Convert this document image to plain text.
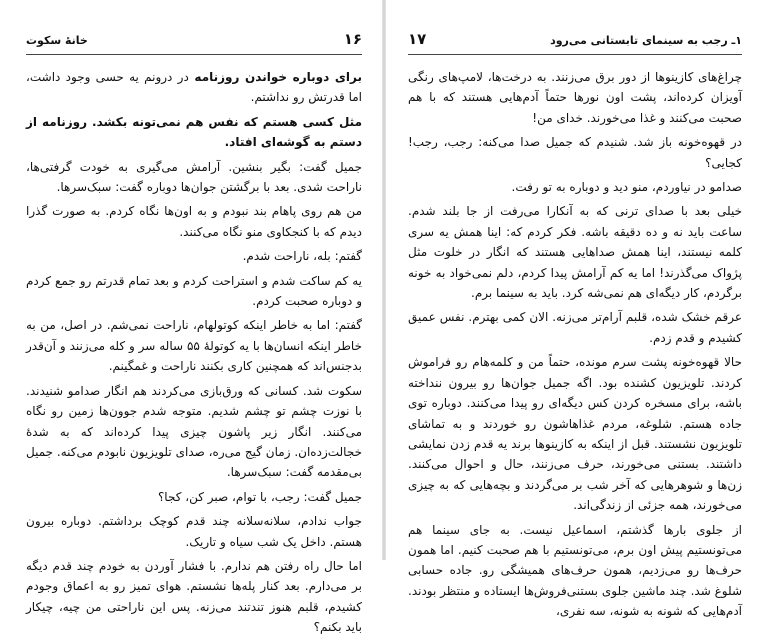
خانهٔ سکوت	۱۶

برای دوباره خواندن روزنامه در درونم یه حسی وجود داشت، اما قدرتش رو نداشتم.

مثل کسی هستم که نفس هم نمی‌تونه بکشد. روزنامه از دستم به گوشه‌ای افتاد.

جمیل گفت: بگیر بنشین. آرامش می‌گیری به خودت گرفتی‌ها، ناراحت شدی. بعد با برگشتن جوان‌ها دوباره گفت: سبک‌سرها.

من هم روی پاهام بند نبودم و به اون‌ها نگاه کردم. به صورت گذرا دیدم که با کنجکاوی منو نگاه می‌کنند.

گفتم: بله، ناراحت شدم.

یه کم ساکت شدم و استراحت کردم و بعد تمام قدرتم رو جمع کردم و دوباره صحبت کردم.

گفتم: اما به خاطر اینکه کوتولهام، ناراحت نمی‌شم. در اصل، من به خاطر اینکه انسان‌ها با یه کوتولهٔ ۵۵ ساله سر و کله می‌زنند و آن‌قدر بدجنس‌اند که همچنین کاری بکنند ناراحت و غمگینم.

سکوت شد. کسانی که ورق‌بازی می‌کردند هم انگار صدامو شنیدند. با نوزت چشم تو چشم شدیم. متوجه شدم جوون‌ها زمین رو نگاه می‌کنند. انگار زیر پاشون چیزی پیدا کرده‌اند که به شدهٔ خجالت‌زده‌ان. زمان گیج می‌ره، صدای تلویزیون نابودم می‌کنه. جمیل بی‌مقدمه گفت: سبک‌سرها.

جمیل گفت: رجب، با توام، صبر کن، کجا؟

جواب ندادم، سلانه‌سلانه چند قدم کوچک برداشتم. دوباره بیرون هستم. داخل یک شب سیاه و تاریک.

اما حال راه رفتن هم ندارم. با فشار آوردن به خودم چند قدم دیگه بر می‌دارم. بعد کنار پله‌ها نشستم. هوای تمیز رو به اعماق وجودم کشیدم، قلبم هنوز تندتند می‌زنه. پس این ناراحتی من چیه، چیکار باید بکنم؟

۱ـ رجب به سینمای تابستانی می‌رود
۱۷

چراغ‌های کازینوها از دور برق می‌زنند. به درخت‌ها، لامپ‌های رنگی آویزان کرده‌اند، پشت اون نورها حتماً آدم‌هایی هستند که با هم صحبت می‌کنند و غذا می‌خورند. خدای من!

در قهوه‌خونه باز شد. شنیدم که جمیل صدا می‌کنه: رجب، رجب! کجایی؟

صدامو در نیاوردم، منو دید و دوباره به تو رفت.

خیلی بعد با صدای ترنی که به آنکارا می‌رفت از جا بلند شدم. ساعت باید نه و ده دقیقه باشه. فکر کردم که: اینا همش یه سری کلمه نیستند، اینا همش صداهایی هستند که انگار در خلوت مثل پژواک می‌گذرند! اما یه کم آرامش پیدا کردم، دلم نمی‌خواد به خونه برگردم، کار دیگه‌ای هم نمی‌شه کرد. باید به سینما برم.

عرقم خشک شده، قلبم آرام‌تر می‌زنه. الان کمی بهترم. نفس عمیق کشیدم و قدم زدم.

حالا قهوه‌خونه پشت سرم مونده، حتماً من و کلمه‌هام رو فراموش کردند. تلویزیون کشنده بود. اگه جمیل جوان‌ها رو بیرون ننداخته باشه، برای مسخره کردن کس دیگه‌ای رو پیدا می‌کنند. دوباره توی جاده هستم. شلوغه، مردم غذاهاشون رو خوردند و به تماشای تلویزیون نشستند. قبل از اینکه به کازینوها برند یه قدم زدن نمایشی داشتند. بستنی می‌خورند، حرف می‌زنند، حال و احوال می‌کنند. زن‌ها و شوهرهایی که آخر شب بر می‌گردند و بچه‌هایی که به چیزی می‌خورند، همه جزئی از زندگی‌اند.

از جلوی بارها گذشتم، اسماعیل نیست. به جای سینما هم می‌تونستیم پیش اون برم، می‌تونستیم با هم صحبت کنیم. اما همون حرف‌ها رو می‌زدیم، همون حرف‌های همیشگی رو. جاده حسابی شلوغ شد. چند ماشین جلوی بستنی‌فروش‌ها ایستاده و منتظر بودند. آدم‌هایی که شونه به شونه، سه نفری،
